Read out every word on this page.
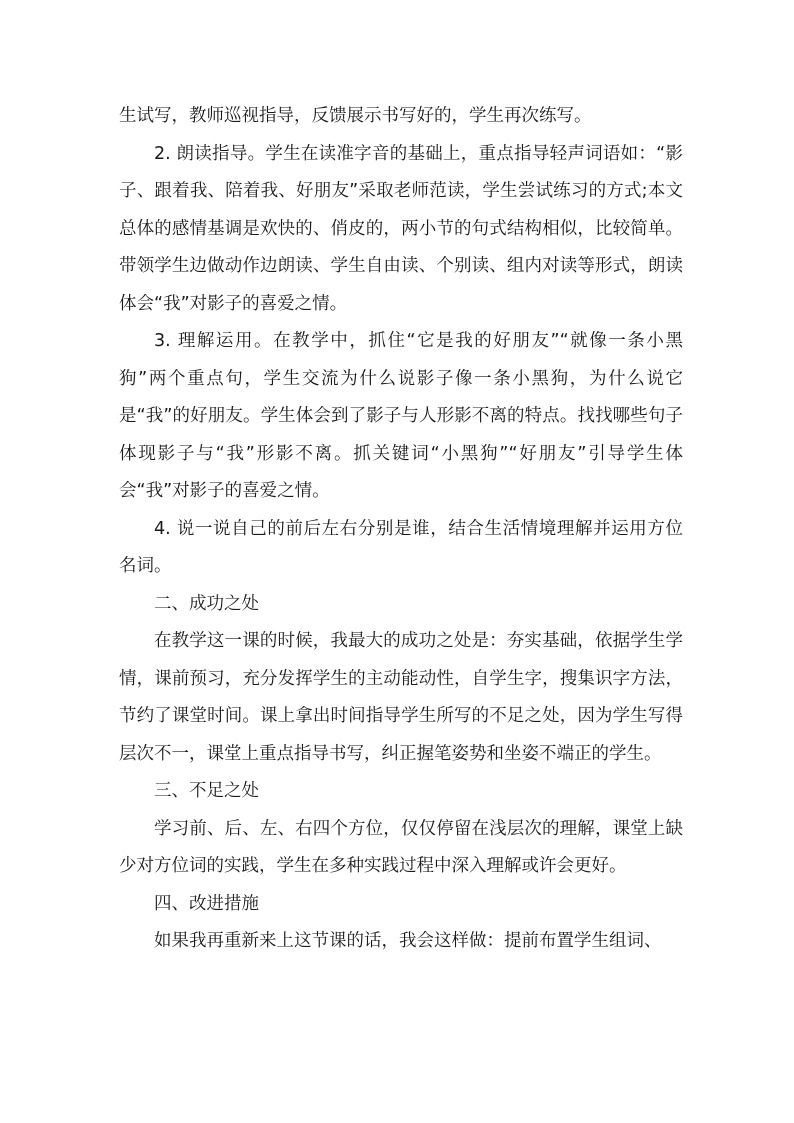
生试写，教师巡视指导，反馈展示书写好的，学生再次练写。

2. 朗读指导。学生在读准字音的基础上，重点指导轻声词语如：“影子、跟着我、陪着我、好朋友”采取老师范读，学生尝试练习的方式;本文总体的感情基调是欢快的、俏皮的，两小节的句式结构相似，比较简单。带领学生边做动作边朗读、学生自由读、个别读、组内对读等形式，朗读体会“我”对影子的喜爱之情。

3. 理解运用。在教学中，抓住“它是我的好朋友”“就像一条小黑狗”两个重点句，学生交流为什么说影子像一条小黑狗，为什么说它是“我”的好朋友。学生体会到了影子与人形影不离的特点。找找哪些句子体现影子与“我”形影不离。抓关键词“小黑狗”“好朋友”引导学生体会“我”对影子的喜爱之情。

4. 说一说自己的前后左右分别是谁，结合生活情境理解并运用方位名词。

二、成功之处

在教学这一课的时候，我最大的成功之处是：夯实基础，依据学生学情，课前预习，充分发挥学生的主动能动性，自学生字，搜集识字方法，节约了课堂时间。课上拿出时间指导学生所写的不足之处，因为学生写得层次不一，课堂上重点指导书写，纠正握笔姿势和坐姿不端正的学生。

三、不足之处

学习前、后、左、右四个方位，仅仅停留在浅层次的理解，课堂上缺少对方位词的实践，学生在多种实践过程中深入理解或许会更好。

四、改进措施

如果我再重新来上这节课的话，我会这样做：提前布置学生组词、
